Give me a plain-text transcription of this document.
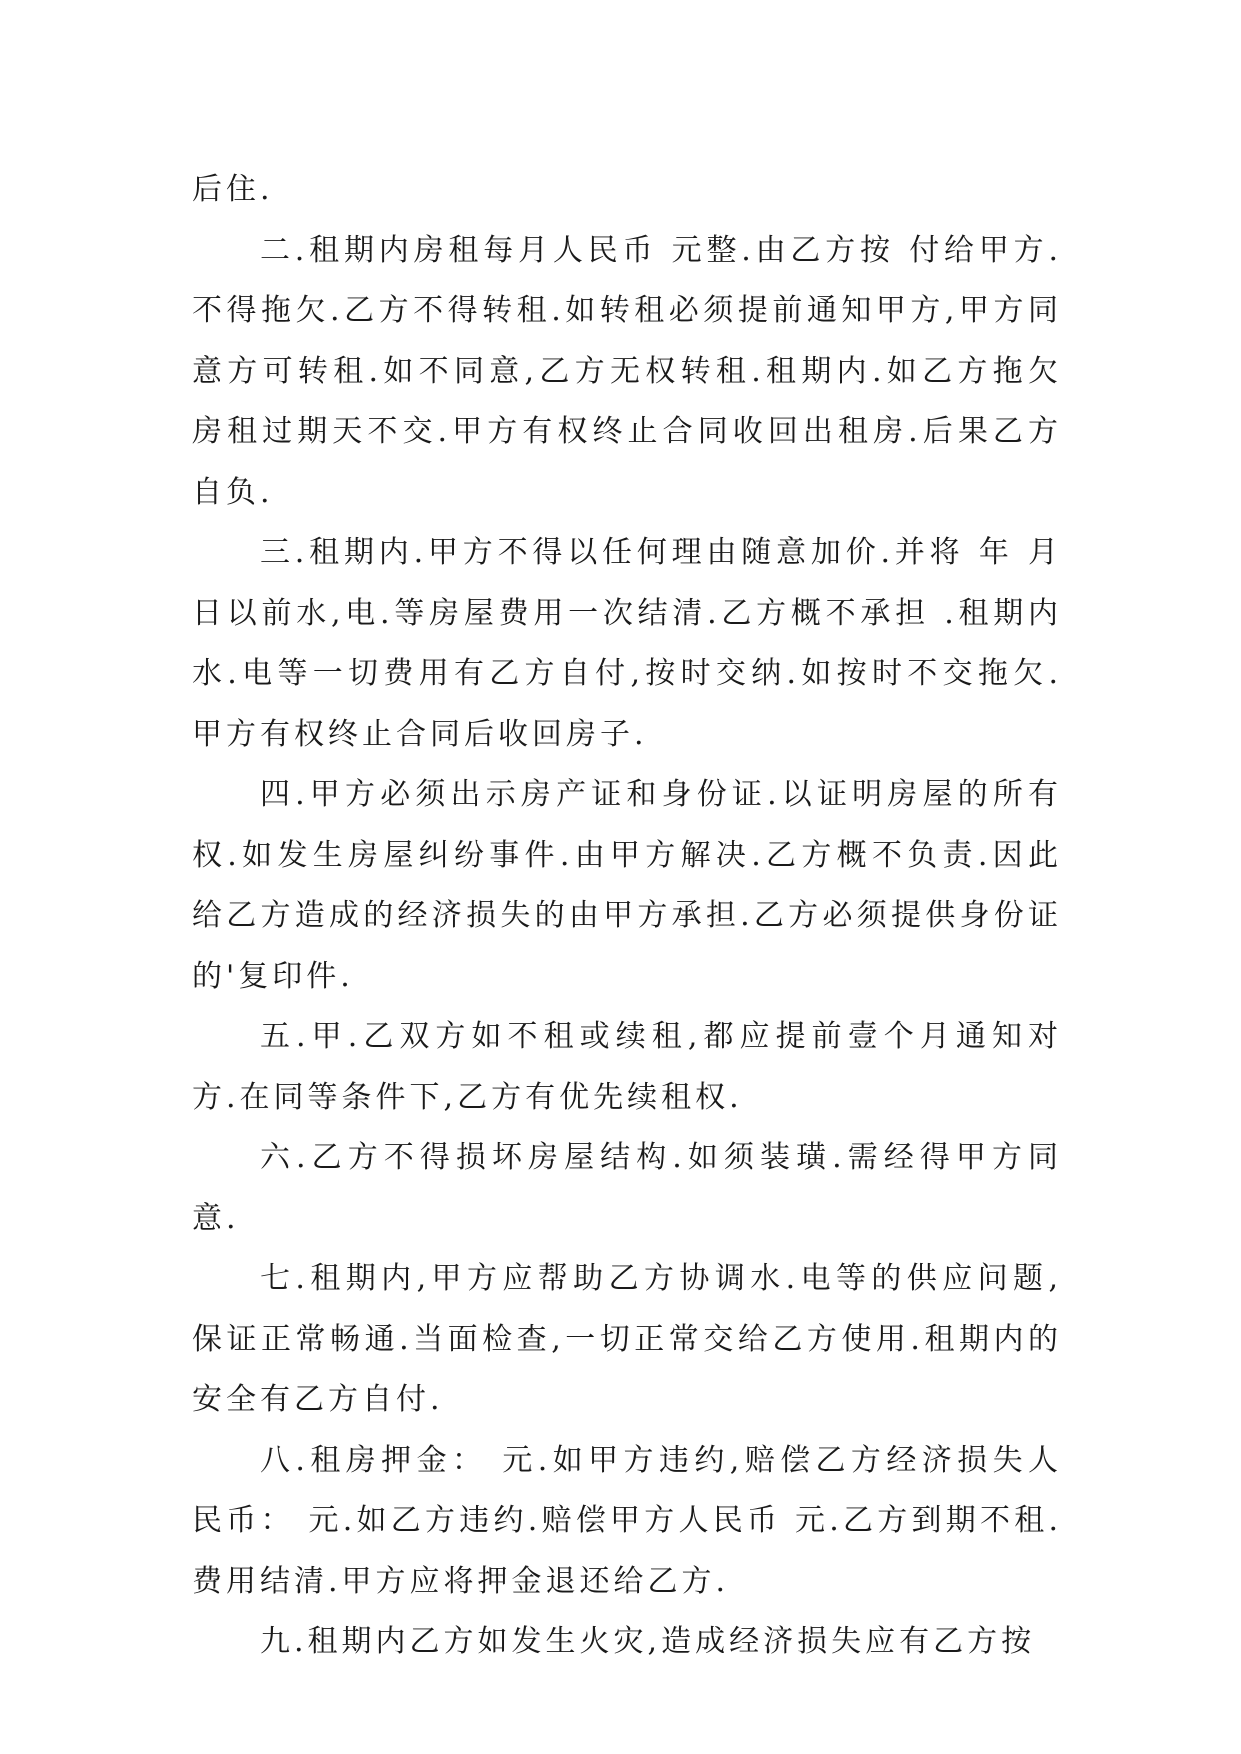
后住.

二.租期内房租每月人民币 元整.由乙方按 付给甲方.不得拖欠.乙方不得转租.如转租必须提前通知甲方,甲方同意方可转租.如不同意,乙方无权转租.租期内.如乙方拖欠房租过期天不交.甲方有权终止合同收回出租房.后果乙方自负.

三.租期内.甲方不得以任何理由随意加价.并将 年 月日以前水,电.等房屋费用一次结清.乙方概不承担 .租期内水.电等一切费用有乙方自付,按时交纳.如按时不交拖欠.甲方有权终止合同后收回房子.

四.甲方必须出示房产证和身份证.以证明房屋的所有权.如发生房屋纠纷事件.由甲方解决.乙方概不负责.因此给乙方造成的经济损失的由甲方承担.乙方必须提供身份证的'复印件.

五.甲.乙双方如不租或续租,都应提前壹个月通知对方.在同等条件下,乙方有优先续租权.

六.乙方不得损坏房屋结构.如须装璜.需经得甲方同意.

七.租期内,甲方应帮助乙方协调水.电等的供应问题,保证正常畅通.当面检查,一切正常交给乙方使用.租期内的安全有乙方自付.

八.租房押金： 元.如甲方违约,赔偿乙方经济损失人民币： 元.如乙方违约.赔偿甲方人民币 元.乙方到期不租.费用结清.甲方应将押金退还给乙方.

九.租期内乙方如发生火灾,造成经济损失应有乙方按
